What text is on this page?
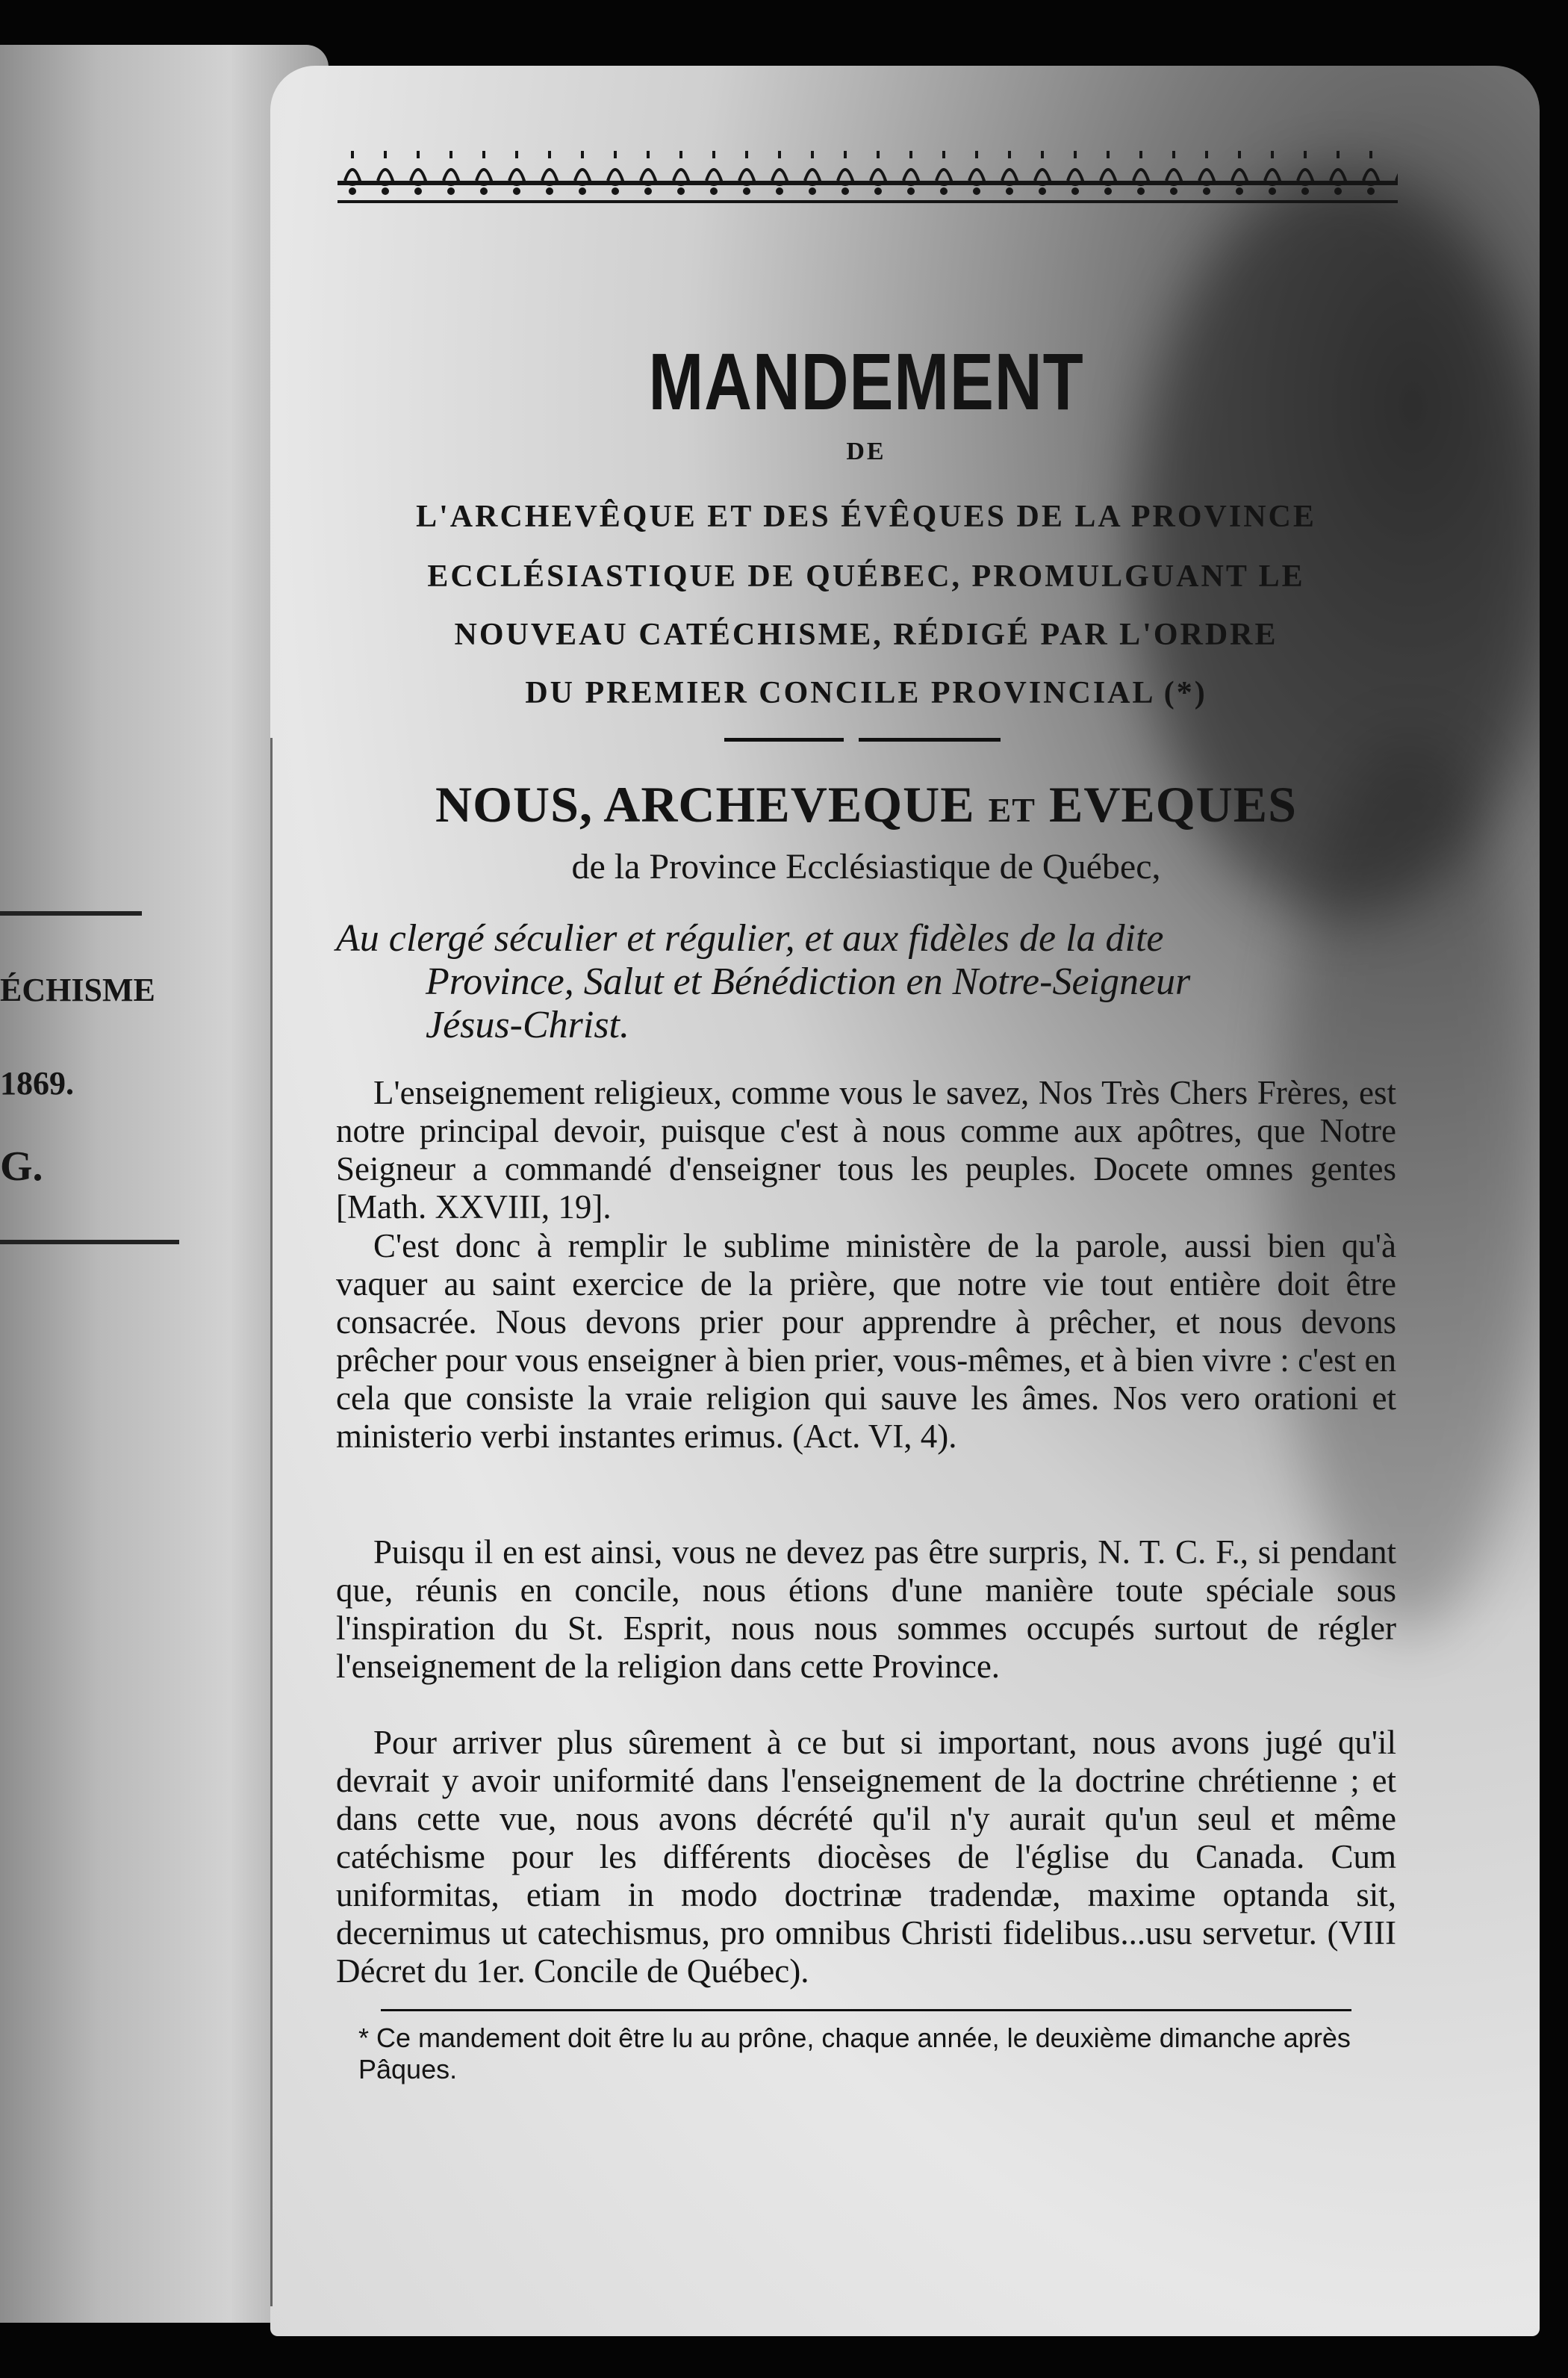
ÉCHISME
1869.
G.
MANDEMENT
DE
L'ARCHEVÊQUE ET DES ÉVÊQUES DE LA PROVINCE
ECCLÉSIASTIQUE DE QUÉBEC, PROMULGUANT LE
NOUVEAU CATÉCHISME, RÉDIGÉ PAR L'ORDRE
DU PREMIER CONCILE PROVINCIAL (*)
NOUS, ARCHEVEQUE ET EVEQUES
de la Province Ecclésiastique de Québec,
Au clergé séculier et régulier, et aux fidèles de la dite
Province, Salut et Bénédiction en Notre-Seigneur
Jésus-Christ.
L'enseignement religieux, comme vous le savez, Nos Très Chers Frères, est notre principal devoir, puisque c'est à nous comme aux apôtres, que Notre Seigneur a commandé d'enseigner tous les peuples. Docete omnes gentes [Math. XXVIII, 19].
C'est donc à remplir le sublime ministère de la parole, aussi bien qu'à vaquer au saint exercice de la prière, que notre vie tout entière doit être consacrée. Nous devons prier pour apprendre à prêcher, et nous devons prêcher pour vous enseigner à bien prier, vous-mêmes, et à bien vivre : c'est en cela que consiste la vraie religion qui sauve les âmes. Nos vero orationi et ministerio verbi instantes erimus. (Act. VI, 4).
Puisqu il en est ainsi, vous ne devez pas être surpris, N. T. C. F., si pendant que, réunis en concile, nous étions d'une manière toute spéciale sous l'inspiration du St. Esprit, nous nous sommes occupés surtout de régler l'enseignement de la religion dans cette Province.
Pour arriver plus sûrement à ce but si important, nous avons jugé qu'il devrait y avoir uniformité dans l'enseignement de la doctrine chrétienne ; et dans cette vue, nous avons décrété qu'il n'y aurait qu'un seul et même catéchisme pour les différents diocèses de l'église du Canada. Cum uniformitas, etiam in modo doctrinæ tradendæ, maxime optanda sit, decernimus ut catechismus, pro omnibus Christi fidelibus...usu servetur. (VIII Décret du 1er. Concile de Québec).
* Ce mandement doit être lu au prône, chaque année, le deuxième dimanche après Pâques.
